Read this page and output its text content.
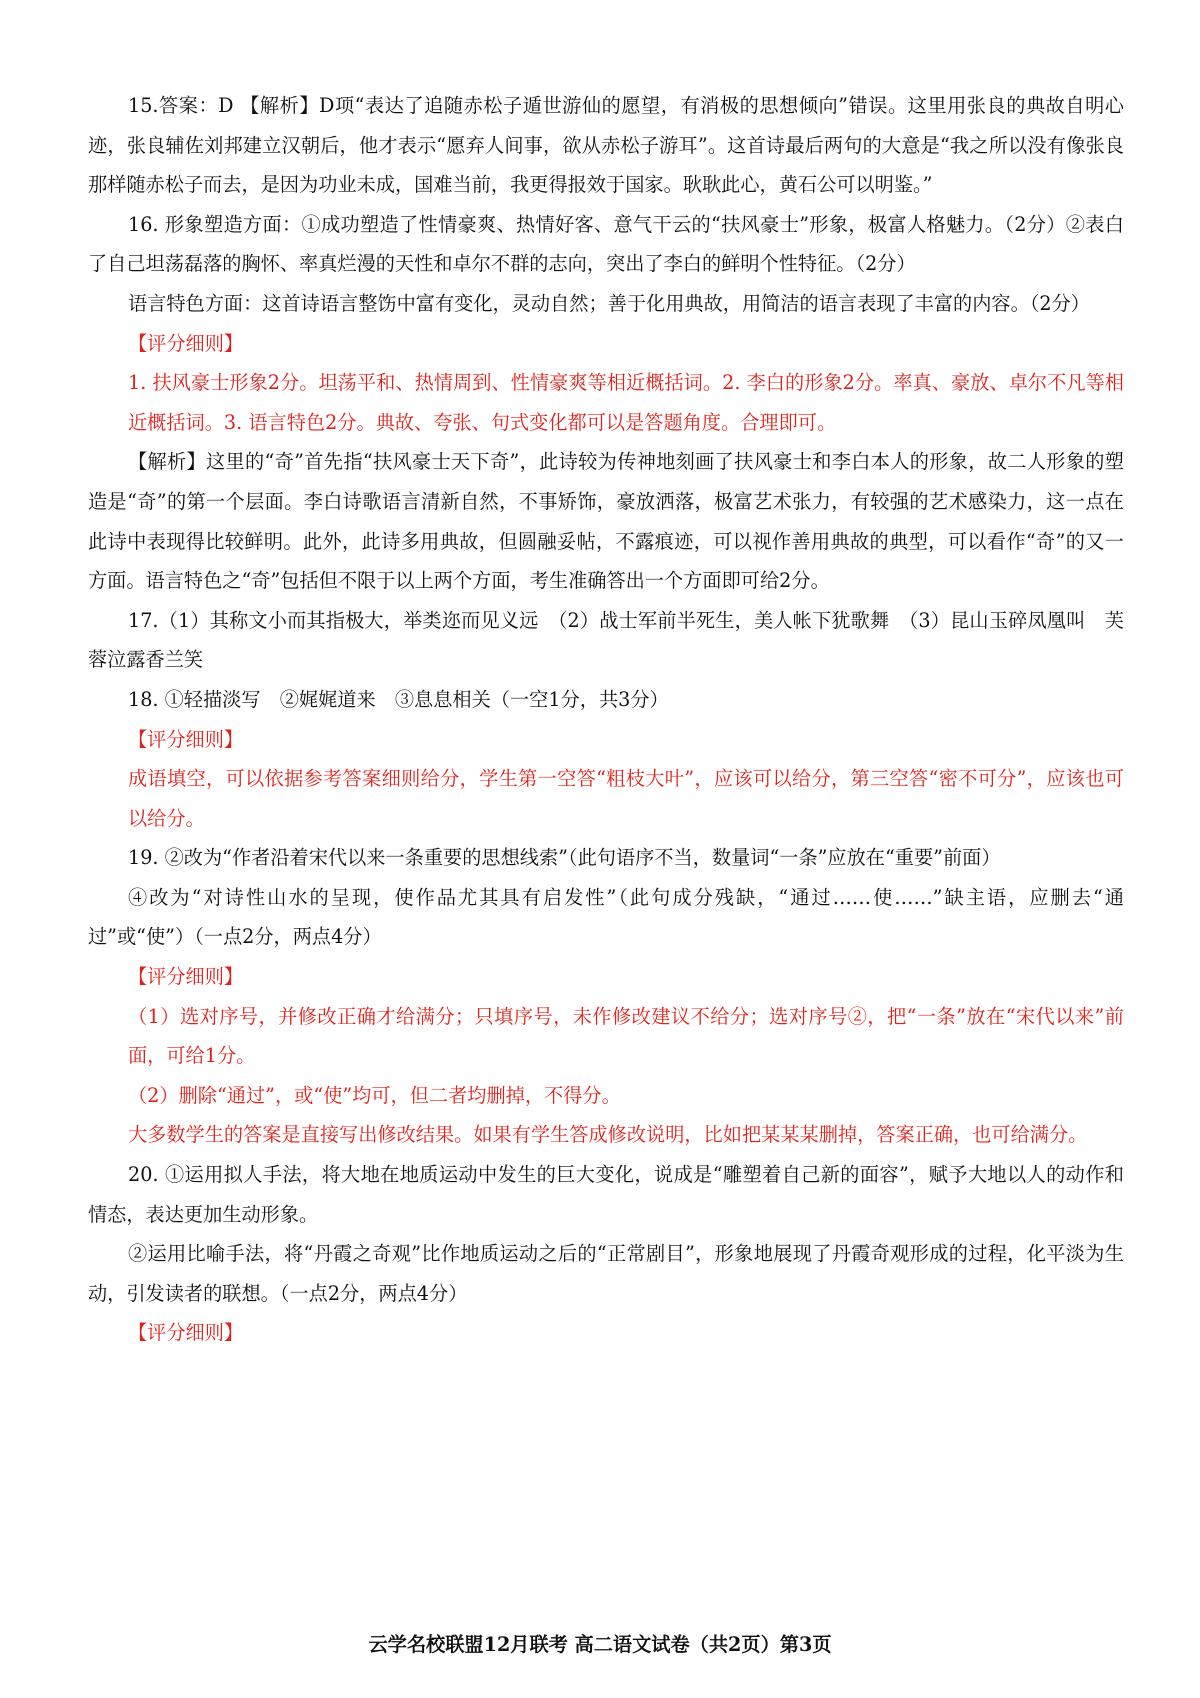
15.答案：D 【解析】D项“表达了追随赤松子遁世游仙的愿望，有消极的思想倾向”错误。这里用张良的典故自明心迹，张良辅佐刘邦建立汉朝后，他才表示“愿弃人间事，欲从赤松子游耳”。这首诗最后两句的大意是“我之所以没有像张良那样随赤松子而去，是因为功业未成，国难当前，我更得报效于国家。耿耿此心，黄石公可以明鉴。”

16. 形象塑造方面：①成功塑造了性情豪爽、热情好客、意气干云的“扶风豪士”形象，极富人格魅力。（2分）②表白了自己坦荡磊落的胸怀、率真烂漫的天性和卓尔不群的志向，突出了李白的鲜明个性特征。（2分）

语言特色方面：这首诗语言整饬中富有变化，灵动自然；善于化用典故，用简洁的语言表现了丰富的内容。（2分）

【评分细则】

1. 扶风豪士形象2分。坦荡平和、热情周到、性情豪爽等相近概括词。2. 李白的形象2分。率真、豪放、卓尔不凡等相近概括词。3. 语言特色2分。典故、夸张、句式变化都可以是答题角度。合理即可。

【解析】这里的“奇”首先指“扶风豪士天下奇”，此诗较为传神地刻画了扶风豪士和李白本人的形象，故二人形象的塑造是“奇”的第一个层面。李白诗歌语言清新自然，不事矫饰，豪放洒落，极富艺术张力，有较强的艺术感染力，这一点在此诗中表现得比较鲜明。此外，此诗多用典故，但圆融妥帖，不露痕迹，可以视作善用典故的典型，可以看作“奇”的又一方面。语言特色之“奇”包括但不限于以上两个方面，考生准确答出一个方面即可给2分。

17.（1）其称文小而其指极大，举类迩而见义远　（2）战士军前半死生，美人帐下犹歌舞　（3）昆山玉碎凤凰叫　芙蓉泣露香兰笑

18. ①轻描淡写　②娓娓道来　③息息相关（一空1分，共3分）

【评分细则】

成语填空，可以依据参考答案细则给分，学生第一空答“粗枝大叶”，应该可以给分，第三空答“密不可分”，应该也可以给分。

19. ②改为“作者沿着宋代以来一条重要的思想线索”（此句语序不当，数量词“一条”应放在“重要”前面）

④改为“对诗性山水的呈现，使作品尤其具有启发性”（此句成分残缺，“通过……使……”缺主语，应删去“通过”或“使”）（一点2分，两点4分）

【评分细则】

（1）选对序号，并修改正确才给满分；只填序号，未作修改建议不给分；选对序号②，把“一条”放在“宋代以来”前面，可给1分。

（2）删除“通过”，或“使”均可，但二者均删掉，不得分。

大多数学生的答案是直接写出修改结果。如果有学生答成修改说明，比如把某某某删掉，答案正确，也可给满分。

20. ①运用拟人手法，将大地在地质运动中发生的巨大变化，说成是“雕塑着自己新的面容”，赋予大地以人的动作和情态，表达更加生动形象。

②运用比喻手法，将“丹霞之奇观”比作地质运动之后的“正常剧目”，形象地展现了丹霞奇观形成的过程，化平淡为生动，引发读者的联想。（一点2分，两点4分）

【评分细则】

云学名校联盟12月联考 高二语文试卷（共2页）第3页
